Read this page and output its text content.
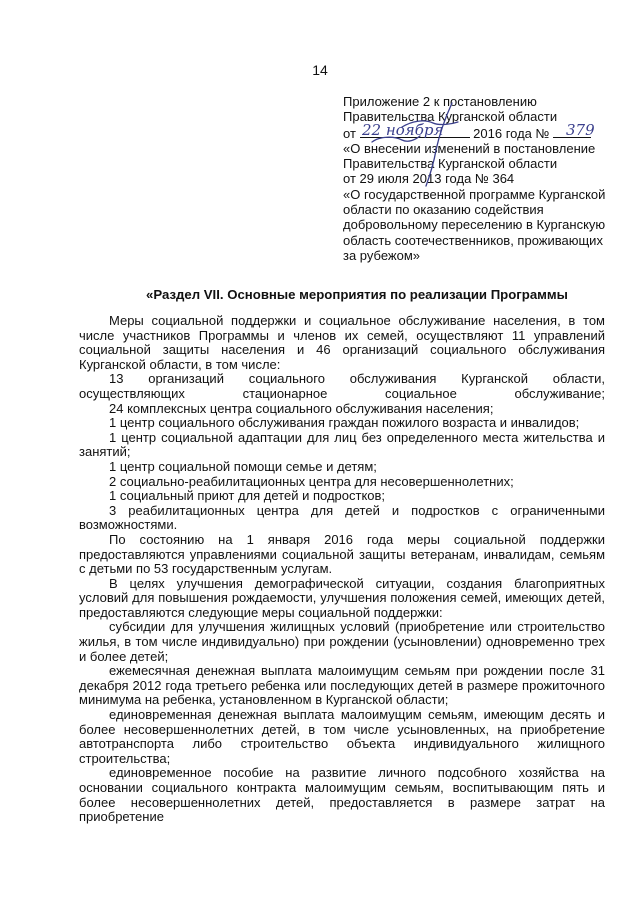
14
Приложение 2 к постановлению
Правительства Курганской области
от	2016 года №
«О внесении изменений в постановление
Правительства Курганской области
от 29 июля 2013 года № 364
«О государственной программе Курганской
области по оказанию содействия
добровольному переселению в Курганскую
область соотечественников, проживающих
за рубежом»
22 ноября	379
«Раздел VII. Основные мероприятия по реализации Программы

Меры социальной поддержки и социальное обслуживание населения, в том числе участников Программы и членов их семей, осуществляют 11 управлений социальной защиты населения и 46 организаций социального обслуживания Курганской области, в том числе:

13 организаций социального обслуживания Курганской области, осуществляющих стационарное социальное обслуживание;

24 комплексных центра социального обслуживания населения;

1 центр социального обслуживания граждан пожилого возраста и инвалидов;

1 центр социальной адаптации для лиц без определенного места жительства и занятий;

1 центр социальной помощи семье и детям;

2 социально-реабилитационных центра для несовершеннолетних;

1 социальный приют для детей и подростков;

3 реабилитационных центра для детей и подростков с ограниченными возможностями.

По состоянию на 1 января 2016 года меры социальной поддержки предоставляются управлениями социальной защиты ветеранам, инвалидам, семьям с детьми по 53 государственным услугам.

В целях улучшения демографической ситуации, создания благоприятных условий для повышения рождаемости, улучшения положения семей, имеющих детей, предоставляются следующие меры социальной поддержки:

субсидии для улучшения жилищных условий (приобретение или строительство жилья, в том числе индивидуально) при рождении (усыновлении) одновременно трех и более детей;

ежемесячная денежная выплата малоимущим семьям при рождении после 31 декабря 2012 года третьего ребенка или последующих детей в размере прожиточного минимума на ребенка, установленном в Курганской области;

единовременная денежная выплата малоимущим семьям, имеющим десять и более несовершеннолетних детей, в том числе усыновленных, на приобретение автотранспорта либо строительство объекта индивидуального жилищного строительства;

единовременное пособие на развитие личного подсобного хозяйства на основании социального контракта малоимущим семьям, воспитывающим пять и более несовершеннолетних детей, предоставляется в размере затрат на приобретение
